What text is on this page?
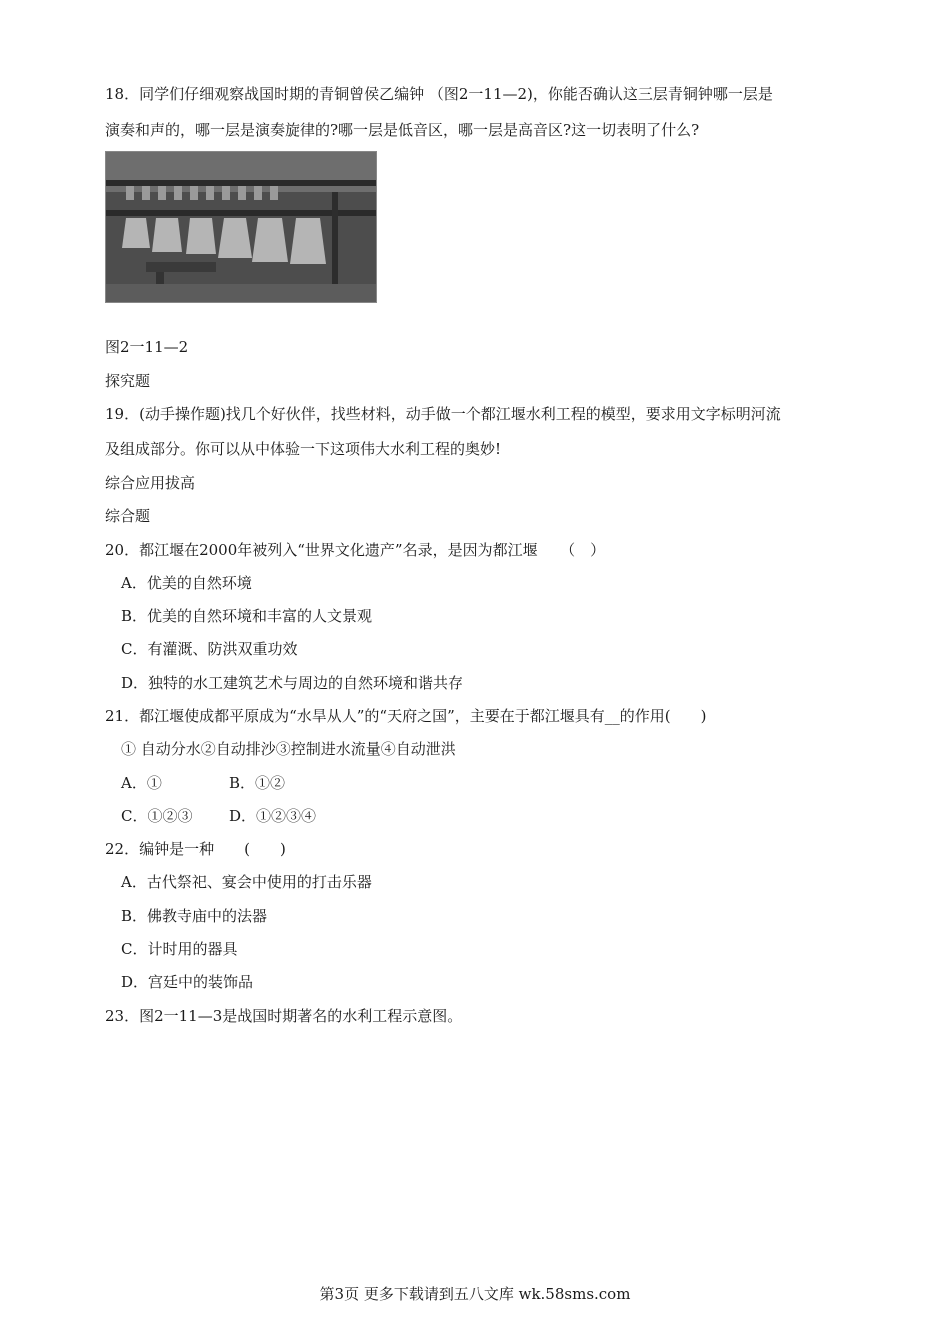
18．同学们仔细观察战国时期的青铜曾侯乙编钟 （图2一11—2)，你能否确认这三层青铜钟哪一层是
演奏和声的，哪一层是演奏旋律的?哪一层是低音区，哪一层是高音区?这一切表明了什么?
图2一11—2
探究题
19．(动手操作题)找几个好伙伴，找些材料，动手做一个都江堰水利工程的模型，要求用文字标明河流
及组成部分。你可以从中体验一下这项伟大水利工程的奥妙!
综合应用拔高
综合题
20．都江堰在2000年被列入“世界文化遗产”名录，是因为都江堰　　（　）
A．优美的自然环境
B．优美的自然环境和丰富的人文景观
C．有灌溉、防洪双重功效
D．独特的水工建筑艺术与周边的自然环境和谐共存
21．都江堰使成都平原成为“水旱从人”的“天府之国”，主要在于都江堰具有__的作用(　　)
① 自动分水②自动排沙③控制进水流量④自动泄洪
A．①	B．①②
C．①②③ D．①②③④
22．编钟是一种　　(　　)
A．古代祭祀、宴会中使用的打击乐器
B．佛教寺庙中的法器
C．计时用的器具
D．宫廷中的装饰品
23．图2一11—3是战国时期著名的水利工程示意图。
第3页 更多下载请到五八文库 wk.58sms.com
